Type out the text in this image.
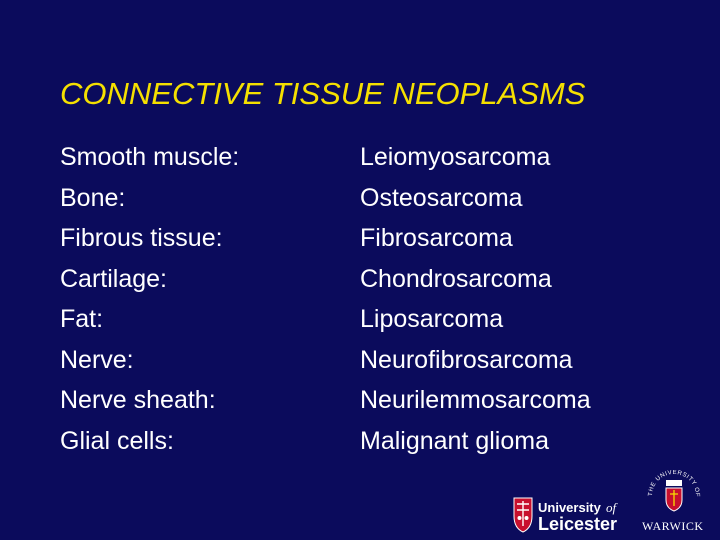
CONNECTIVE TISSUE NEOPLASMS
Smooth muscle:
Bone:
Fibrous tissue:
Cartilage:
Fat:
Nerve:
Nerve sheath:
Glial cells:
Leiomyosarcoma
Osteosarcoma
Fibrosarcoma
Chondrosarcoma
Liposarcoma
Neurofibrosarcoma
Neurilemmosarcoma
Malignant glioma
University of
Leicester
THE UNIVERSITY OF
WARWICK
